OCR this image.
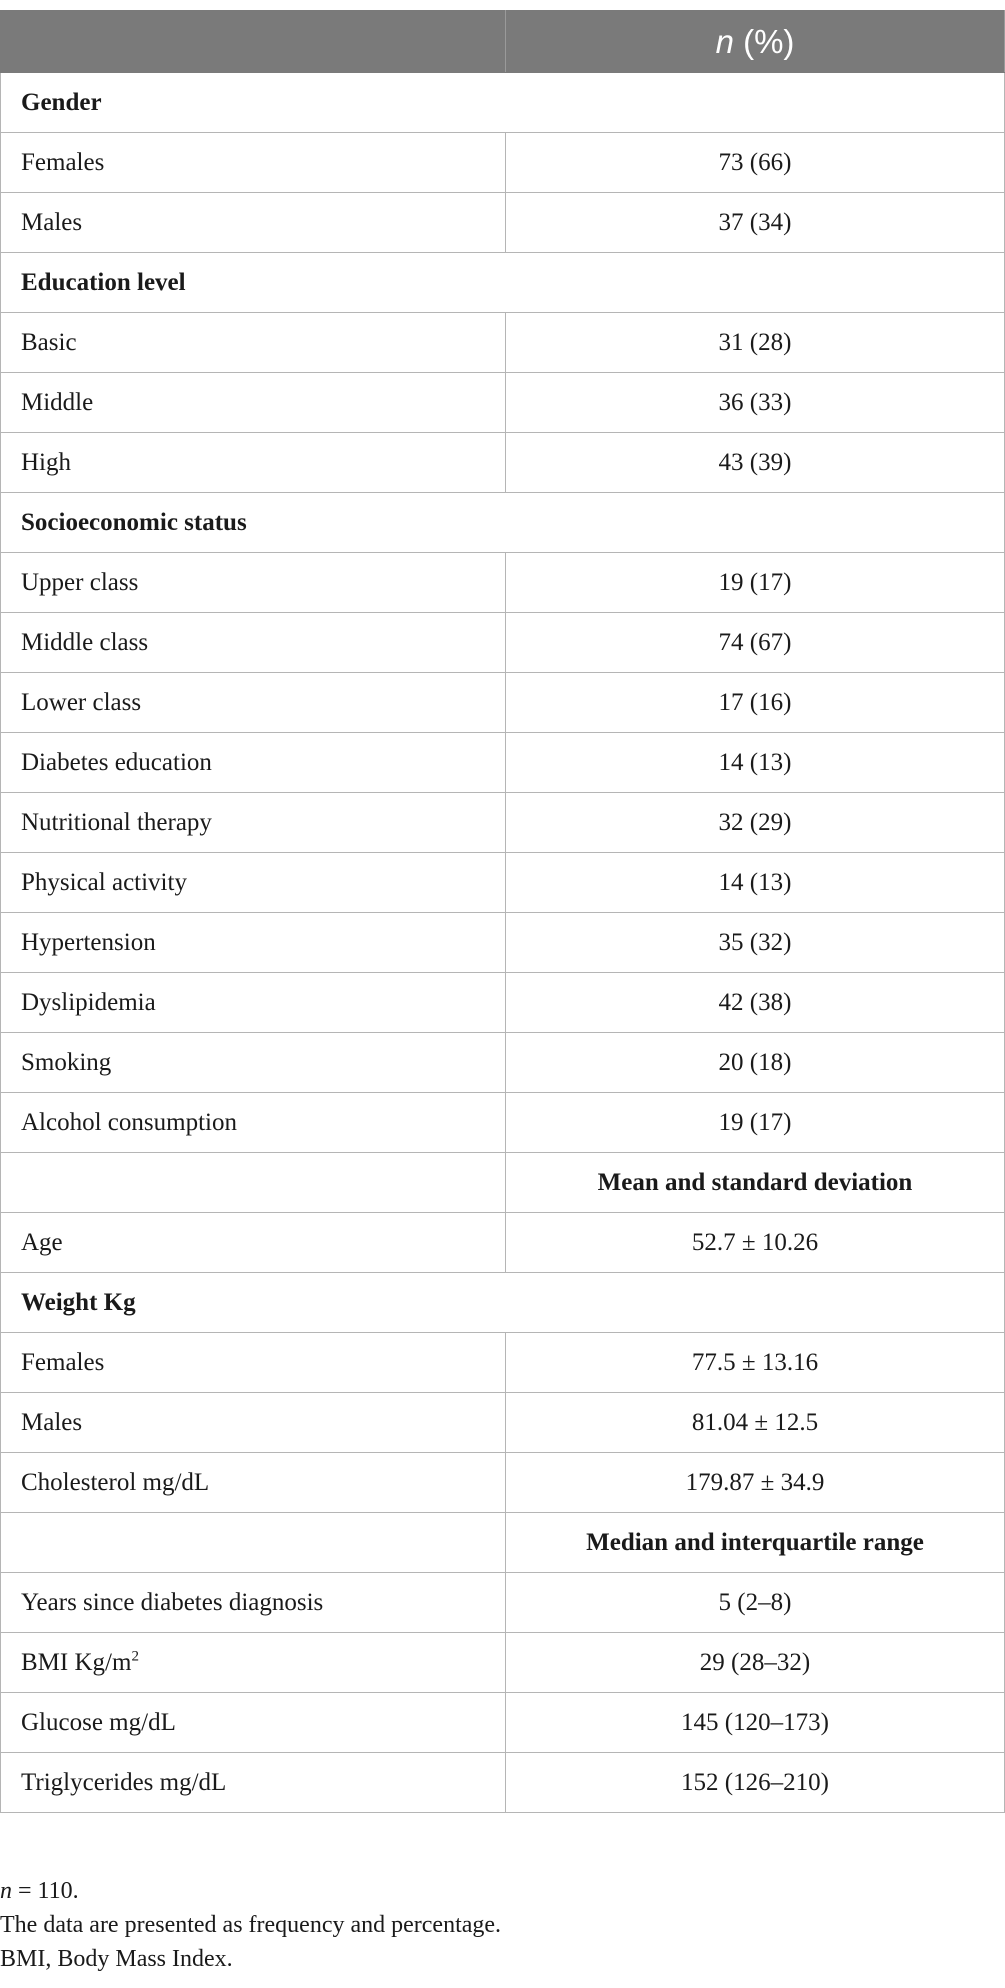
	n (%)
Gender	
Females	73 (66)
Males	37 (34)
Education level	
Basic	31 (28)
Middle	36 (33)
High	43 (39)
Socioeconomic status	
Upper class	19 (17)
Middle class	74 (67)
Lower class	17 (16)
Diabetes education	14 (13)
Nutritional therapy	32 (29)
Physical activity	14 (13)
Hypertension	35 (32)
Dyslipidemia	42 (38)
Smoking	20 (18)
Alcohol consumption	19 (17)
	Mean and standard deviation
Age	52.7 ± 10.26
Weight Kg	
Females	77.5 ± 13.16
Males	81.04 ± 12.5
Cholesterol mg/dL	179.87 ± 34.9
	Median and interquartile range
Years since diabetes diagnosis	5 (2–8)
BMI $Kg/m^2$	29 (28–32)
Glucose mg/dL	145 (120–173)
Triglycerides mg/dL	152 (126–210)
n = 110.
The data are presented as frequency and percentage.
BMI, Body Mass Index.
